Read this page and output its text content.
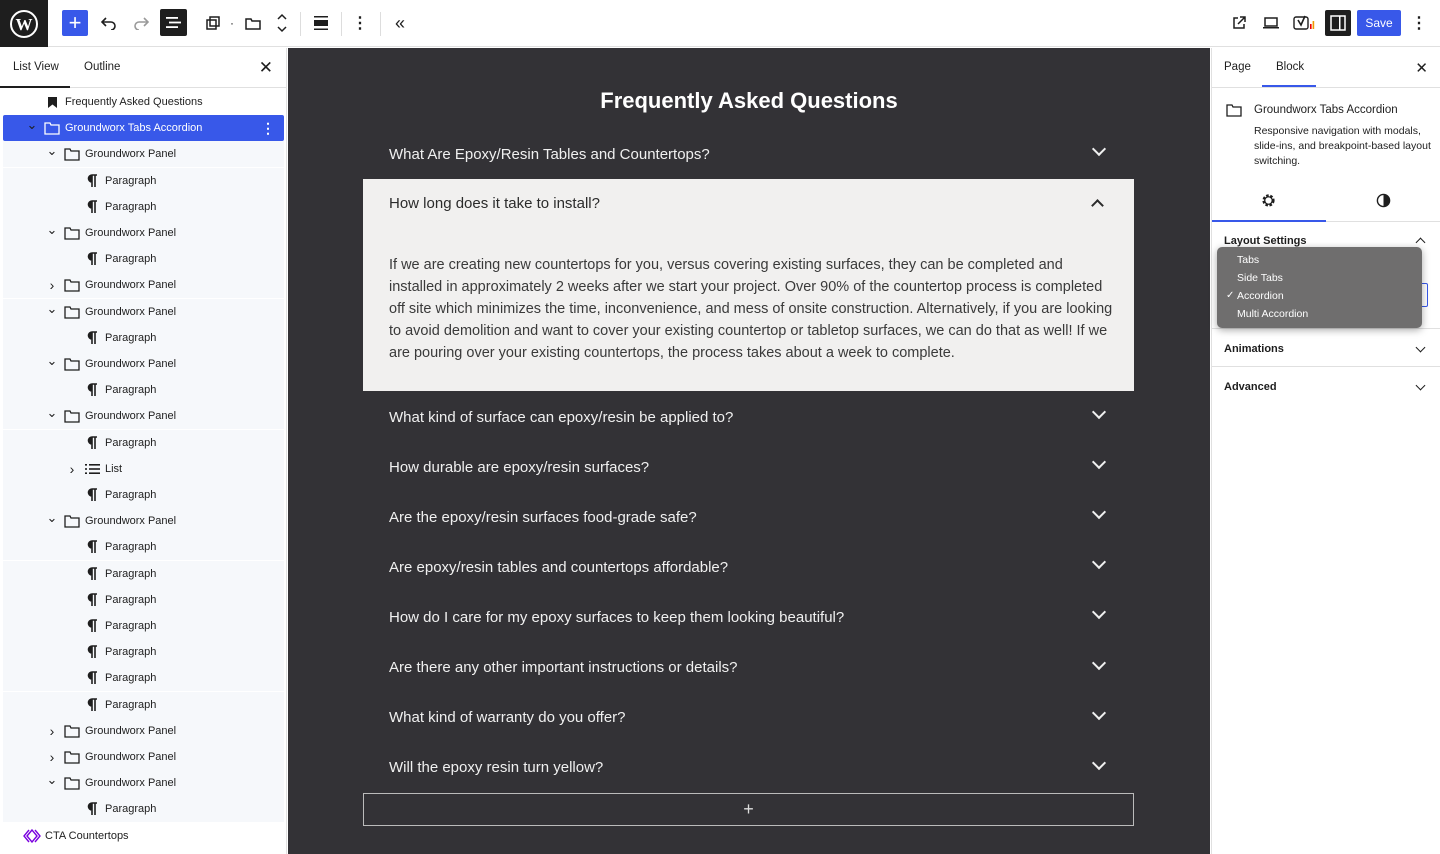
W +	·	⋮ «	Save	⋮
List View Outline	✕
Frequently Asked Questions
⌄	Groundworx Tabs Accordion	⋮
⌄	Groundworx Panel
Paragraph
Paragraph
⌄	Groundworx Panel
Paragraph
›	Groundworx Panel
⌄	Groundworx Panel
Paragraph
⌄	Groundworx Panel
Paragraph
⌄	Groundworx Panel
Paragraph
›	List
Paragraph
⌄	Groundworx Panel
Paragraph
Paragraph
Paragraph
Paragraph
Paragraph
Paragraph
Paragraph
›	Groundworx Panel
›	Groundworx Panel
⌄	Groundworx Panel
Paragraph
CTA Countertops
Frequently Asked Questions
What Are Epoxy/Resin Tables and Countertops?
How long does it take to install?

If we are creating new countertops for you, versus covering existing surfaces, they can be completed and installed in approximately 2 weeks after we start your project. Over 90% of the countertop process is completed off site which minimizes the time, inconvenience, and mess of onsite construction. Alternatively, if you are looking to avoid demolition and want to cover your existing countertop or tabletop surfaces, we can do that as well! If we are pouring over your existing countertops, the process takes about a week to complete.

What kind of surface can epoxy/resin be applied to?
How durable are epoxy/resin surfaces?
Are the epoxy/resin surfaces food-grade safe?
Are epoxy/resin tables and countertops affordable?
How do I care for my epoxy surfaces to keep them looking beautiful?
Are there any other important instructions or details?
What kind of warranty do you offer?
Will the epoxy resin turn yellow?
+
Page Block	✕
Groundworx Tabs Accordion
Responsive navigation with modals, slide-ins, and breakpoint-based layout switching.
Layout Settings
Animations
Advanced
Tabs
Side Tabs
✓ Accordion
Multi Accordion
